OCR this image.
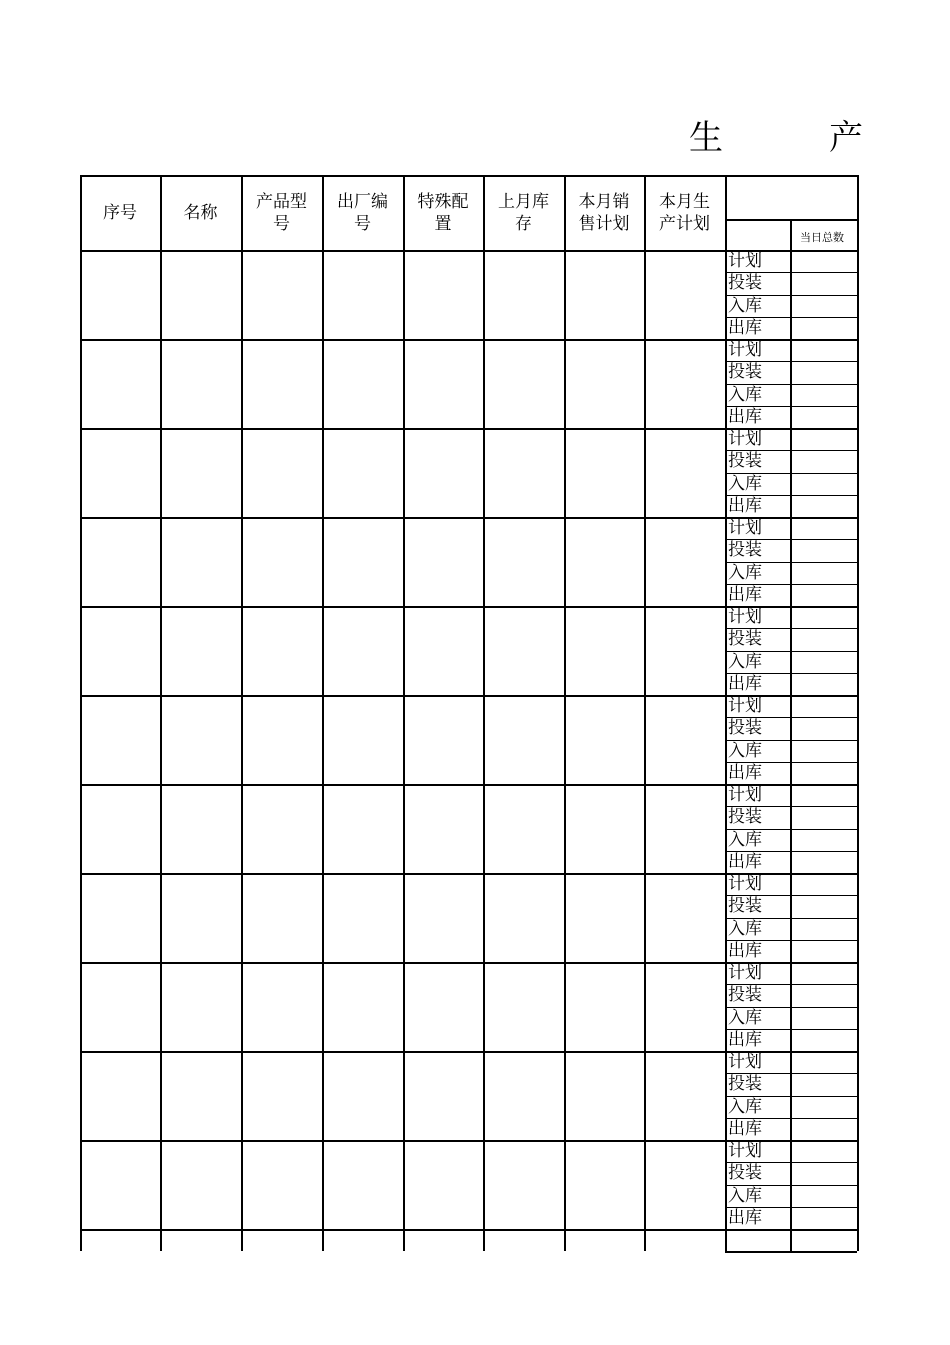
生	产
序号	名称
产品型号
出厂编号
特殊配置
上月库存
本月销售计划
本月生产计划
当日总数
计划
投装
入库
出库
计划
投装
入库
出库
计划
投装
入库
出库
计划
投装
入库
出库
计划
投装
入库
出库
计划
投装
入库
出库
计划
投装
入库
出库
计划
投装
入库
出库
计划
投装
入库
出库
计划
投装
入库
出库
计划
投装
入库
出库
